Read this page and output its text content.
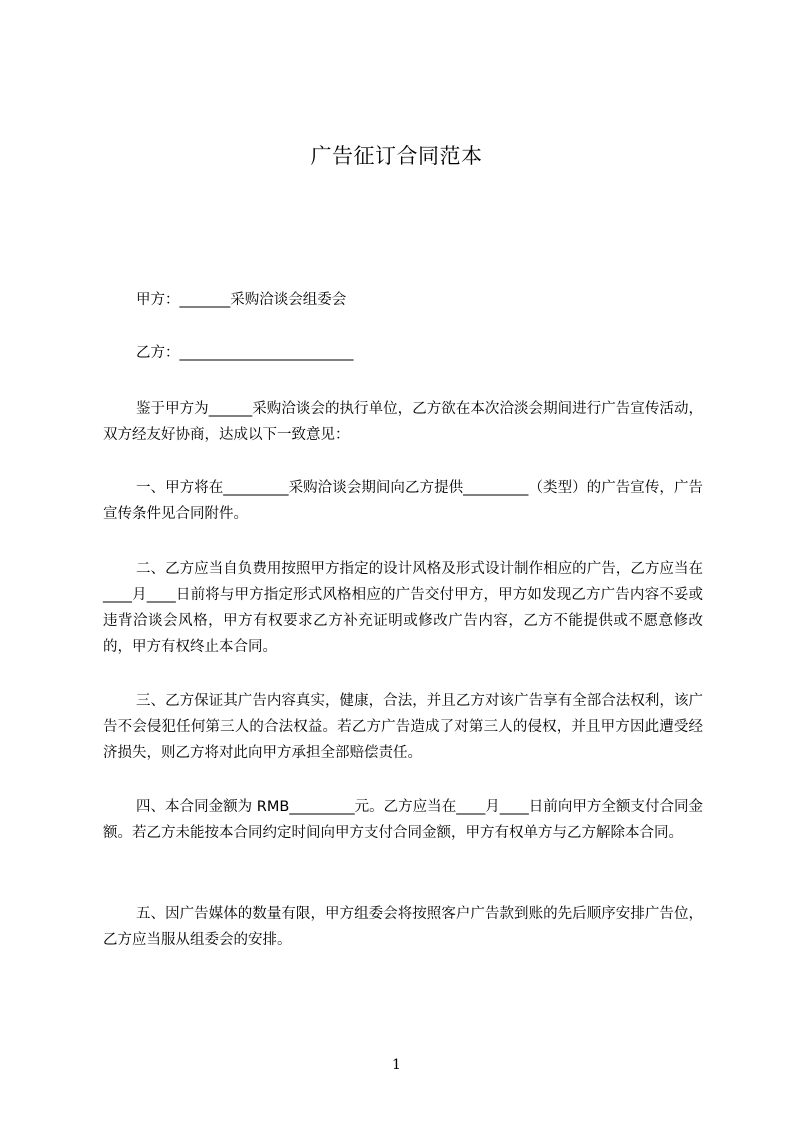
广告征订合同范本
甲方：_______采购洽谈会组委会
乙方：________________________

鉴于甲方为______采购洽谈会的执行单位，乙方欲在本次洽淡会期间进行广告宣传活动，双方经友好协商，达成以下一致意见：

一、甲方将在_________采购洽谈会期间向乙方提供_________（类型）的广告宣传，广告宣传条件见合同附件。

二、乙方应当自负费用按照甲方指定的设计风格及形式设计制作相应的广告，乙方应当在____月____日前将与甲方指定形式风格相应的广告交付甲方，甲方如发现乙方广告内容不妥或违背洽谈会风格，甲方有权要求乙方补充证明或修改广告内容，乙方不能提供或不愿意修改的，甲方有权终止本合同。

三、乙方保证其广告内容真实，健康，合法，并且乙方对该广告享有全部合法权利，该广告不会侵犯任何第三人的合法权益。若乙方广告造成了对第三人的侵权，并且甲方因此遭受经济损失，则乙方将对此向甲方承担全部赔偿责任。

四、本合同金额为 RMB_________元。乙方应当在____月____日前向甲方全额支付合同金额。若乙方未能按本合同约定时间向甲方支付合同金额，甲方有权单方与乙方解除本合同。

五、因广告媒体的数量有限，甲方组委会将按照客户广告款到账的先后顺序安排广告位，乙方应当服从组委会的安排。

1
